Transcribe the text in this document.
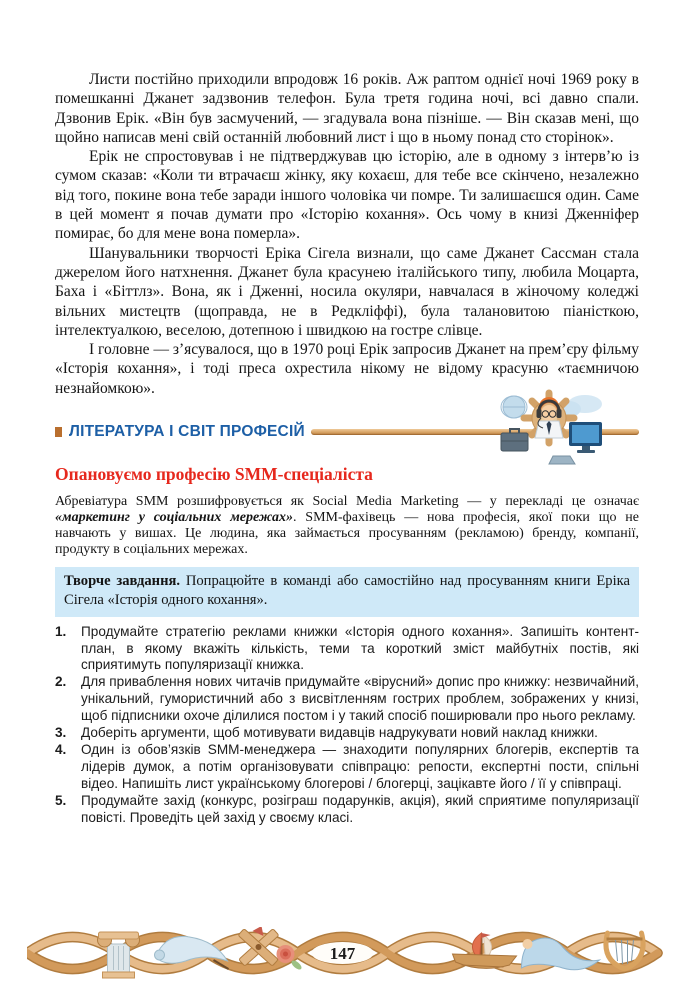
Листи постійно приходили впродовж 16 років. Аж раптом однієї ночі 1969 року в помешканні Джанет задзвонив телефон. Була третя година ночі, всі давно спали. Дзвонив Ерік. «Він був засмучений, — згадувала вона пізніше. — Він сказав мені, що щойно написав мені свій останній любовний лист і що в ньому понад сто сторінок».

Ерік не спростовував і не підтверджував цю історію, але в одному з інтерв’ю із сумом сказав: «Коли ти втрачаєш жінку, яку кохаєш, для тебе все скінчено, незалежно від того, покине вона тебе заради іншого чоловіка чи помре. Ти залишаєшся один. Саме в цей момент я почав думати про «Історію кохання». Ось чому в книзі Дженніфер помирає, бо для мене вона померла».

Шанувальники творчості Еріка Сігела визнали, що саме Джанет Сассман стала джерелом його натхнення. Джанет була красунею італійського типу, любила Моцарта, Баха і «Біттлз». Вона, як і Дженні, носила окуляри, навчалася в жіночому коледжі вільних мистецтв (щоправда, не в Редкліффі), була талановитою піаністкою, інтелектуалкою, веселою, дотепною і швидкою на гостре слівце.

І головне — з’ясувалося, що в 1970 році Ерік запросив Джанет на прем’єру фільму «Історія кохання», і тоді преса охрестила нікому не відому красуню «таємничою незнайомкою».

ЛІТЕРАТУРА І СВІТ ПРОФЕСІЙ
Опановуємо професію SMM-спеціаліста

Абревіатура SMM розшифровується як Social Media Marketing — у перекладі це означає «маркетинг у соціальних мережах». SMM-фахівець — нова професія, якої поки що не навчають у вишах. Це людина, яка займається просуванням (рекламою) бренду, компанії, продукту в соціальних мережах.

Творче завдання. Попрацюйте в команді або самостійно над просуванням книги Еріка Сігела «Історія одного кохання».
1.	Продумайте стратегію реклами книжки «Історія одного кохання». Запишіть контент-план, в якому вкажіть кількість, теми та короткий зміст майбутніх постів, які сприятимуть популяризації книжка.
2.	Для приваблення нових читачів придумайте «вірусний» допис про книжку: незвичайний, унікальний, гумористичний або з висвітленням гострих проблем, зображених у книзі, щоб підписники охоче ділилися постом і у такий спосіб поширювали про нього рекламу.
3.	Доберіть аргументи, щоб мотивувати видавців надрукувати новий наклад книжки.
4.	Один із обов’язків SMM-менеджера — знаходити популярних блогерів, експертів та лідерів думок, а потім організовувати співпрацю: репости, експертні пости, спільні відео. Напишіть лист українському блогерові / блогерці, зацікавте його / її у співпраці.
5.	Продумайте захід (конкурс, розіграш подарунків, акція), який сприятиме популяризації повісті. Проведіть цей захід у своєму класі.
147
